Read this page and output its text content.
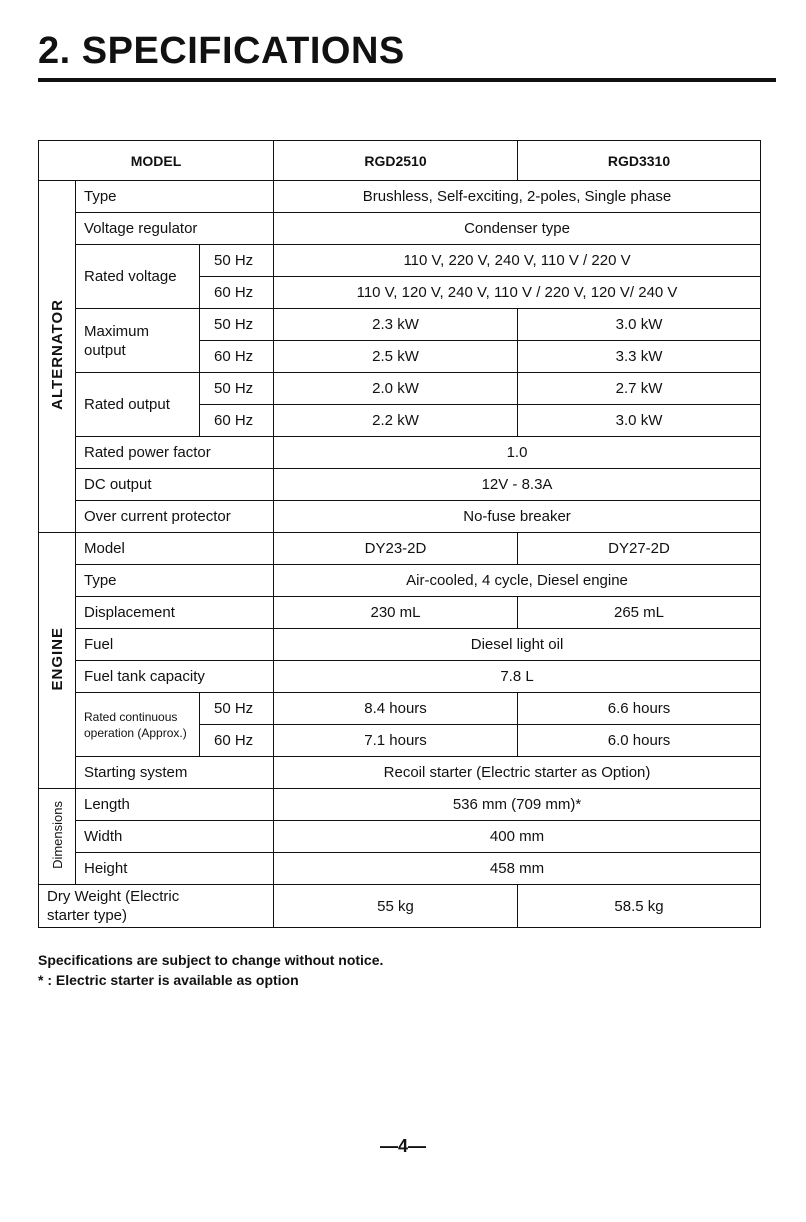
2. SPECIFICATIONS
MODEL			RGD2510	RGD3310
ALTERNATOR	Type		Brushless, Self-exciting, 2-poles, Single phase	
	Voltage regulator		Condenser type	
	Rated voltage	50 Hz	110 V, 220 V, 240 V, 110 V / 220 V	
		60 Hz	110 V, 120 V, 240 V, 110 V / 220 V, 120 V/ 240 V	

	Maximum output	50 Hz	2.3 kW	3.0 kW
		60 Hz	2.5 kW	3.3 kW
	Rated output	50 Hz	2.0 kW	2.7 kW
		60 Hz	2.2 kW	3.0 kW
	Rated power factor		1.0	
	DC output		12V - 8.3A	
	Over current protector		No-fuse breaker	
ENGINE	Model		DY23-2D	DY27-2D
	Type		Air-cooled, 4 cycle, Diesel engine	
	Displacement		230 mL	265 mL
	Fuel		Diesel light oil	
	Fuel tank capacity		7.8 L	

	Rated continuous operation (Approx.)	50 Hz	8.4 hours	6.6 hours
		60 Hz	7.1 hours	6.0 hours
	Starting system		Recoil starter (Electric starter as Option)	
Dimensions	Length		536 mm (709 mm)*	
	Width		400 mm	
	Height		458 mm	

Dry Weight (Electric starter type)			55 kg	58.5 kg
Specifications are subject to change without notice.
* : Electric starter is available as option
—4—
